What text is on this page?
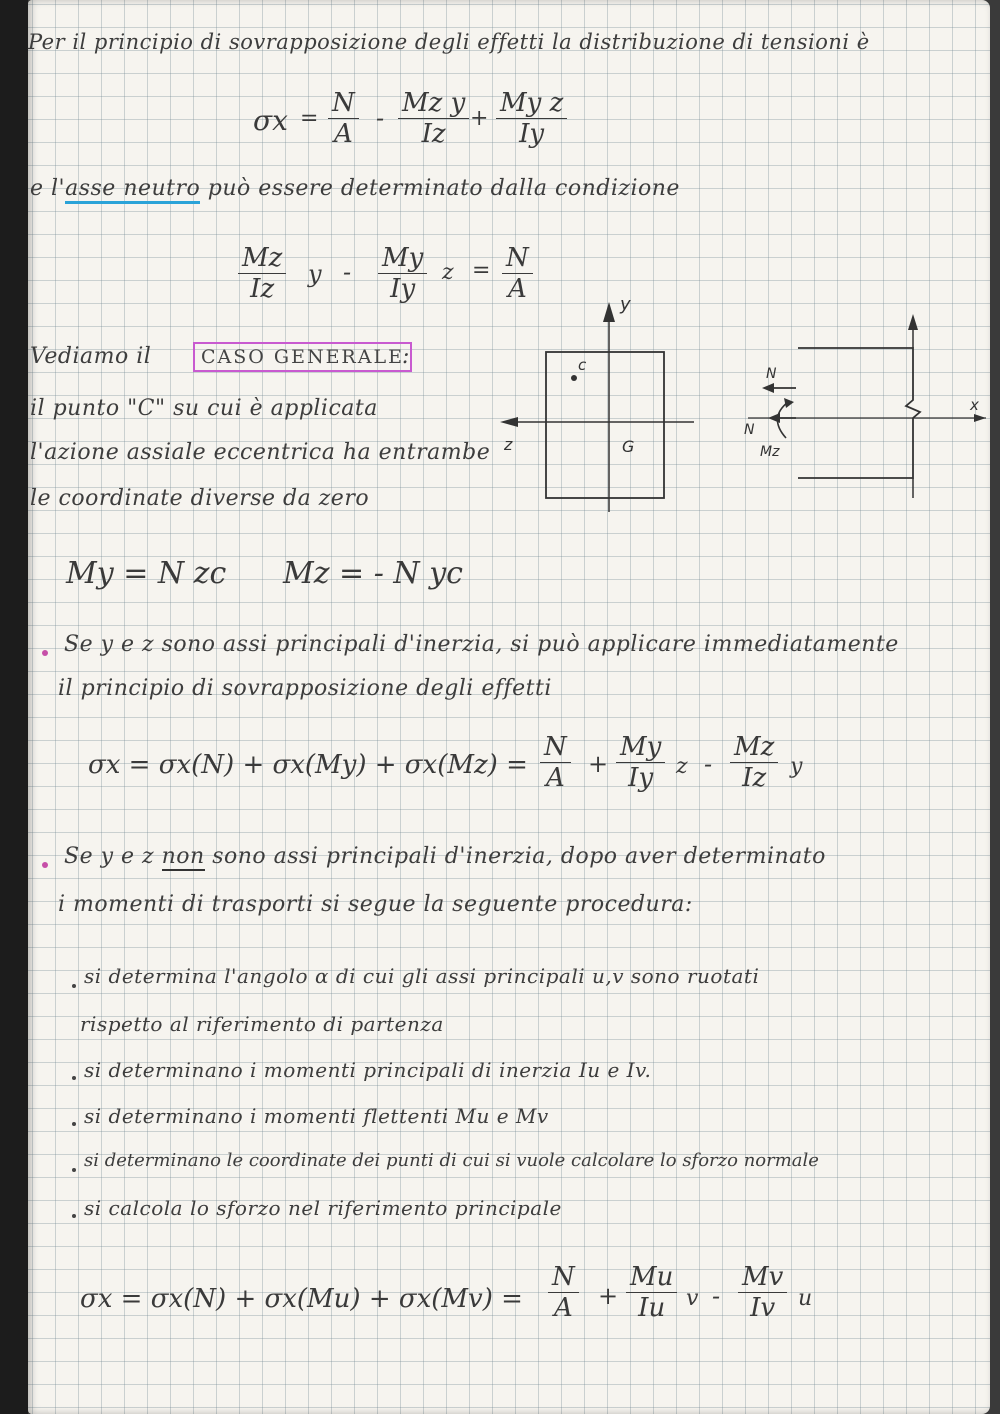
Per il principio di sovrapposizione degli effetti la distribuzione di tensioni è
$\sigma x = \frac{N}{A} - \frac{\text{Mz y}}{Iz} + \frac{\text{My z}}{Iy}$
e l'asse neutro può essere determinato dalla condizione
$\frac{Mz}{Iz}$ y - $\frac{My}{Iy}$ $z = \frac{N}{A}$
Vediamo il	CASO GENERALE
:
il punto "C" su cui è applicata
l'azione assiale eccentrica ha entrambe
le coordinate diverse da zero
My = N zc Mz = - N yc
y
z
c
G
N
N
Mz
x
Se y e z sono assi principali d'inerzia, si può applicare immediatamente
il principio di sovrapposizione degli effetti
$\sigma x = \sigma x(N) + \sigma x(My) + \sigma x(Mz) = \frac{N}{A} + \frac{My}{Iy}$ z - $\frac{Mz}{Iz}$ y
Se y e z non sono assi principali d'inerzia, dopo aver determinato
i momenti di trasporti si segue la seguente procedura:
si determina l'angolo α di cui gli assi principali u,v sono ruotati
rispetto al riferimento di partenza
si determinano i momenti principali di inerzia Iu e Iv.
si determinano i momenti flettenti Mu e Mv
si determinano le coordinate dei punti di cui si vuole calcolare lo sforzo normale
si calcola lo sforzo nel riferimento principale
$\sigma x = \sigma x(N) + \sigma x(Mu) + \sigma x(Mv) = \frac{N}{A} + \frac{Mu}{Iu}$ v - $\frac{Mv}{Iv}$ u
